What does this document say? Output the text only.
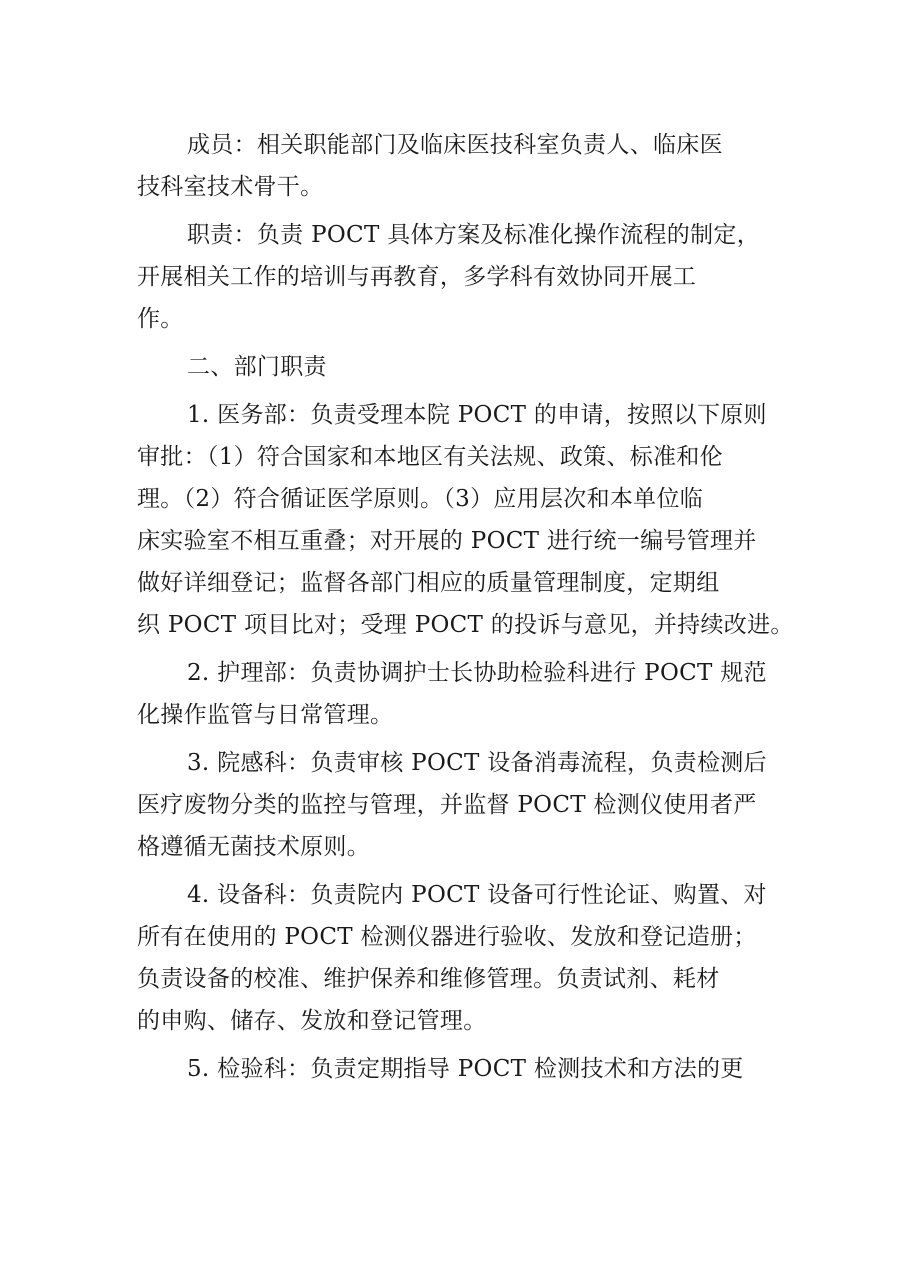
成员：相关职能部门及临床医技科室负责人、临床医
技科室技术骨干。
职责：负责 POCT 具体方案及标准化操作流程的制定，
开展相关工作的培训与再教育，多学科有效协同开展工
作。
二、部门职责
1. 医务部：负责受理本院 POCT 的申请，按照以下原则
审批：（1）符合国家和本地区有关法规、政策、标准和伦
理。（2）符合循证医学原则。（3）应用层次和本单位临
床实验室不相互重叠；对开展的 POCT 进行统一编号管理并
做好详细登记；监督各部门相应的质量管理制度，定期组
织 POCT 项目比对；受理 POCT 的投诉与意见，并持续改进。
2. 护理部：负责协调护士长协助检验科进行 POCT 规范
化操作监管与日常管理。
3. 院感科：负责审核 POCT 设备消毒流程，负责检测后
医疗废物分类的监控与管理，并监督 POCT 检测仪使用者严
格遵循无菌技术原则。
4. 设备科：负责院内 POCT 设备可行性论证、购置、对
所有在使用的 POCT 检测仪器进行验收、发放和登记造册；
负责设备的校准、维护保养和维修管理。负责试剂、耗材
的申购、储存、发放和登记管理。
5. 检验科：负责定期指导 POCT 检测技术和方法的更
